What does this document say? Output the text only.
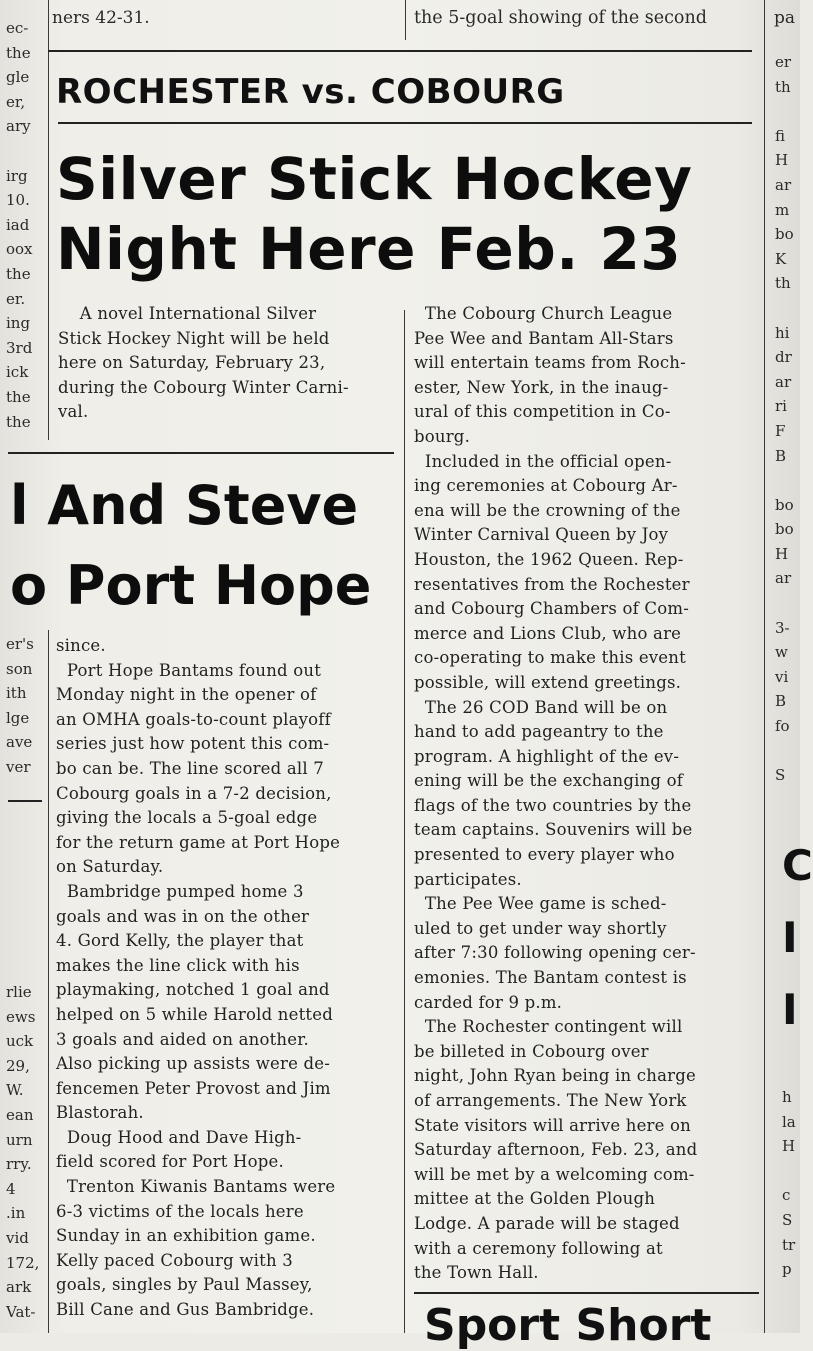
ners 42-31.	the 5-goal showing of the second	pa
ROCHESTER vs. COBOURG
Silver Stick Hockey
Night Here Feb. 23
A novel International Silver
Stick Hockey Night will be held
here on Saturday, February 23,
during the Cobourg Winter Carni-
val.
The Cobourg Church League
Pee Wee and Bantam All-Stars
will entertain teams from Roch-
ester, New York, in the inaug-
ural of this competition in Co-
bourg.
Included in the official open-
ing ceremonies at Cobourg Ar-
ena will be the crowning of the
Winter Carnival Queen by Joy
Houston, the 1962 Queen. Rep-
resentatives from the Rochester
and Cobourg Chambers of Com-
merce and Lions Club, who are
co-operating to make this event
possible, will extend greetings.
The 26 COD Band will be on
hand to add pageantry to the
program. A highlight of the ev-
ening will be the exchanging of
flags of the two countries by the
team captains. Souvenirs will be
presented to every player who
participates.
The Pee Wee game is sched-
uled to get under way shortly
after 7:30 following opening cer-
emonies. The Bantam contest is
carded for 9 p.m.
The Rochester contingent will
be billeted in Cobourg over
night, John Ryan being in charge
of arrangements. The New York
State visitors will arrive here on
Saturday afternoon, Feb. 23, and
will be met by a welcoming com-
mittee at the Golden Plough
Lodge. A parade will be staged
with a ceremony following at
the Town Hall.
Sport Short
l And Steve
o Port Hope
since.
Port Hope Bantams found out
Monday night in the opener of
an OMHA goals-to-count playoff
series just how potent this com-
bo can be. The line scored all 7
Cobourg goals in a 7-2 decision,
giving the locals a 5-goal edge
for the return game at Port Hope
on Saturday.
Bambridge pumped home 3
goals and was in on the other
4. Gord Kelly, the player that
makes the line click with his
playmaking, notched 1 goal and
helped on 5 while Harold netted
3 goals and aided on another.
Also picking up assists were de-
fencemen Peter Provost and Jim
Blastorah.
Doug Hood and Dave High-
field scored for Port Hope.
Trenton Kiwanis Bantams were
6-3 victims of the locals here
Sunday in an exhibition game.
Kelly paced Cobourg with 3
goals, singles by Paul Massey,
Bill Cane and Gus Bambridge.
ec-
the
gle
er,
ary
irg
10.
iad
oox
the
er.
ing
3rd
ick
the
the
er's
son
ith
lge
ave
ver
rlie
ews
uck
29,
W.
ean
urn
rry.
4
.in
vid
172,
ark
Vat-
er
th
fi
H
ar
m
bo
K
th
hi
dr
ar
ri
F
B
bo
bo
H
ar
3-
w
vi
B
fo
S
C
I
I
h
la
H
c
S
tr
p
